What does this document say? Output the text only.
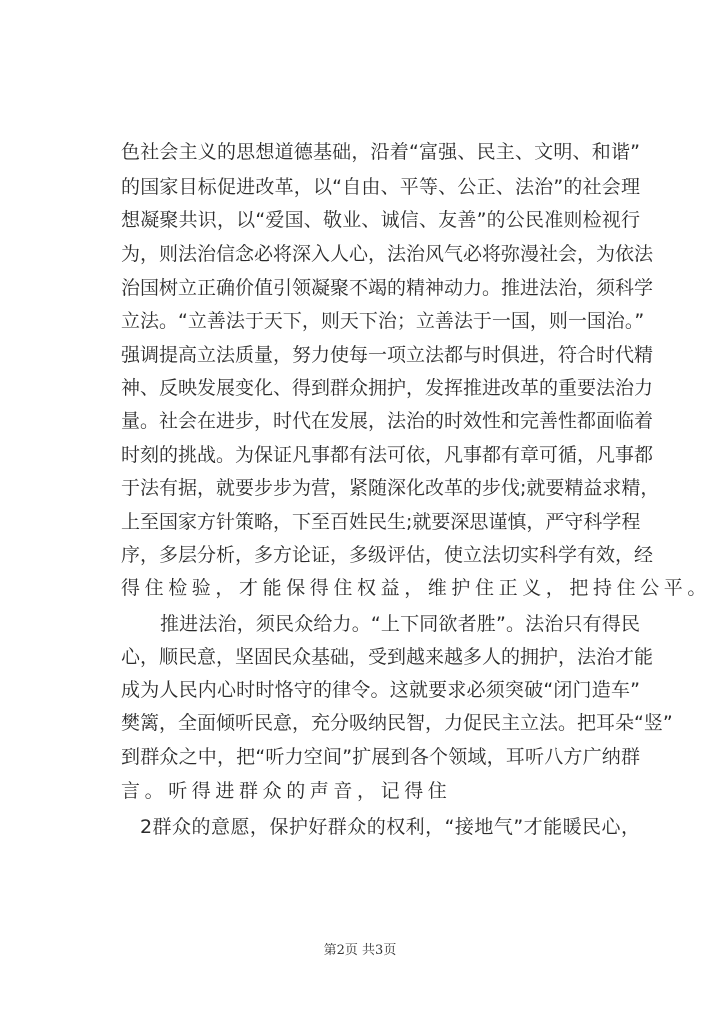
色社会主义的思想道德基础，沿着“富强、民主、文明、和谐”
的国家目标促进改革，以“自由、平等、公正、法治”的社会理
想凝聚共识，以“爱国、敬业、诚信、友善”的公民准则检视行
为，则法治信念必将深入人心，法治风气必将弥漫社会，为依法
治国树立正确价值引领凝聚不竭的精神动力。推进法治，须科学
立法。“立善法于天下，则天下治；立善法于一国，则一国治。”
强调提高立法质量，努力使每一项立法都与时俱进，符合时代精
神、反映发展变化、得到群众拥护，发挥推进改革的重要法治力
量。社会在进步，时代在发展，法治的时效性和完善性都面临着
时刻的挑战。为保证凡事都有法可依，凡事都有章可循，凡事都
于法有据，就要步步为营，紧随深化改革的步伐;就要精益求精，
上至国家方针策略，下至百姓民生;就要深思谨慎，严守科学程
序，多层分析，多方论证，多级评估，使立法切实科学有效，经
得住检验，才能保得住权益，维护住正义，把持住公平。
推进法治，须民众给力。“上下同欲者胜”。法治只有得民
心，顺民意，坚固民众基础，受到越来越多人的拥护，法治才能
成为人民内心时时恪守的律令。这就要求必须突破“闭门造车”
樊篱，全面倾听民意，充分吸纳民智，力促民主立法。把耳朵“竖”
到群众之中，把“听力空间”扩展到各个领域，耳听八方广纳群
言。听得进群众的声音，记得住
2群众的意愿，保护好群众的权利，“接地气”才能暖民心，
第2页 共3页
